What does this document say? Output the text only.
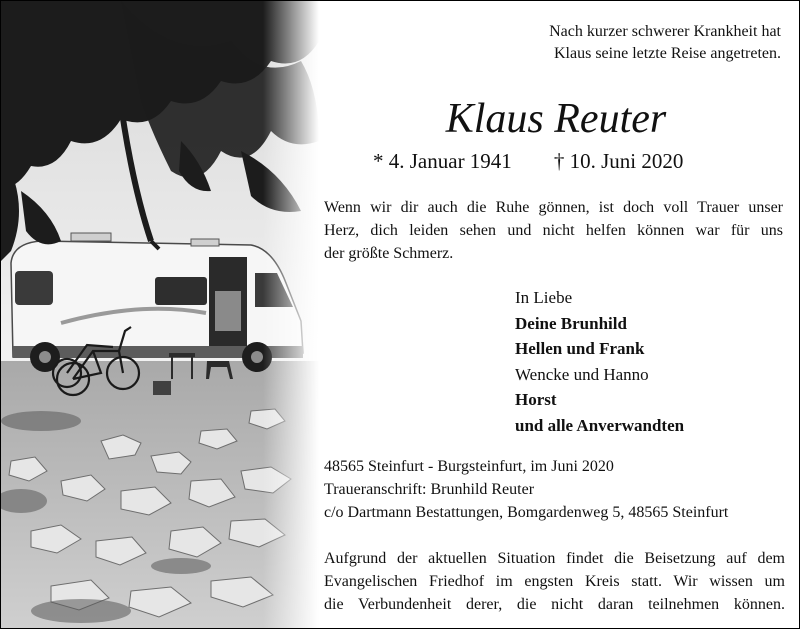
Nach kurzer schwerer Krankheit hat
Klaus seine letzte Reise angetreten.
Klaus Reuter
* 4. Januar 1941 † 10. Juni 2020
Wenn wir dir auch die Ruhe gönnen, ist doch voll Trauer unser
Herz, dich leiden sehen und nicht helfen können war für uns
der größte Schmerz.
In Liebe
Deine Brunhild
Hellen und Frank
Wencke und Hanno
Horst
und alle Anverwandten
48565 Steinfurt - Burgsteinfurt, im Juni 2020
Traueranschrift: Brunhild Reuter
c/o Dartmann Bestattungen, Bomgardenweg 5, 48565 Steinfurt
Aufgrund der aktuellen Situation findet die Beisetzung auf dem
Evangelischen Friedhof im engsten Kreis statt. Wir wissen um
die Verbundenheit derer, die nicht daran teilnehmen können.
